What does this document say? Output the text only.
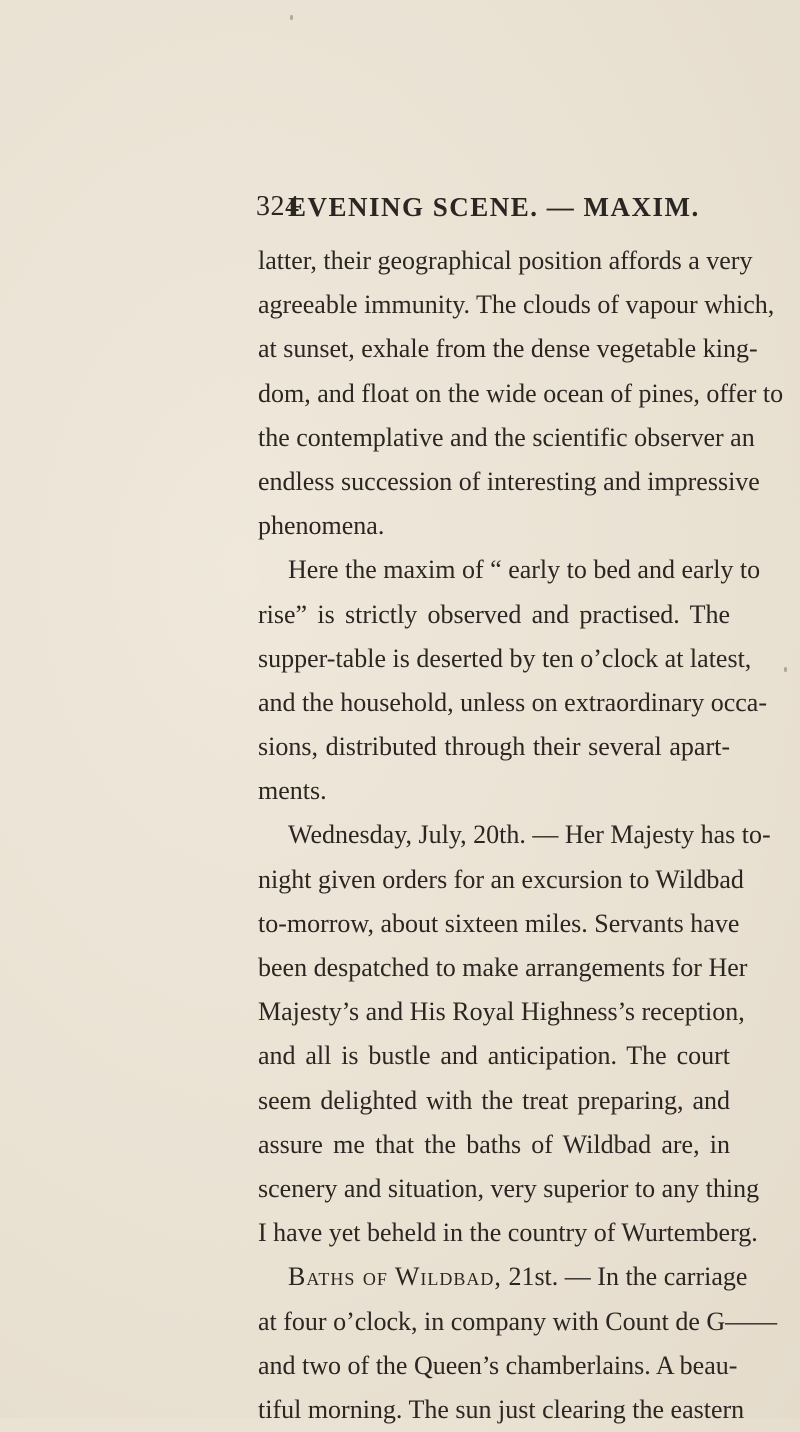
324
EVENING SCENE. — MAXIM.
latter, their geographical position affords a very
agreeable immunity. The clouds of vapour which,
at sunset, exhale from the dense vegetable king-
dom, and float on the wide ocean of pines, offer to
the contemplative and the scientific observer an
endless succession of interesting and impressive
phenomena.
Here the maxim of “ early to bed and early to
rise” is strictly observed and practised. The
supper-table is deserted by ten o’clock at latest,
and the household, unless on extraordinary occa-
sions, distributed through their several apart-
ments.
Wednesday, July, 20th. — Her Majesty has to-
night given orders for an excursion to Wildbad
to-morrow, about sixteen miles. Servants have
been despatched to make arrangements for Her
Majesty’s and His Royal Highness’s reception,
and all is bustle and anticipation. The court
seem delighted with the treat preparing, and
assure me that the baths of Wildbad are, in
scenery and situation, very superior to any thing
I have yet beheld in the country of Wurtemberg.
Baths of Wildbad, 21st. — In the carriage
at four o’clock, in company with Count de G——
and two of the Queen’s chamberlains. A beau-
tiful morning. The sun just clearing the eastern
